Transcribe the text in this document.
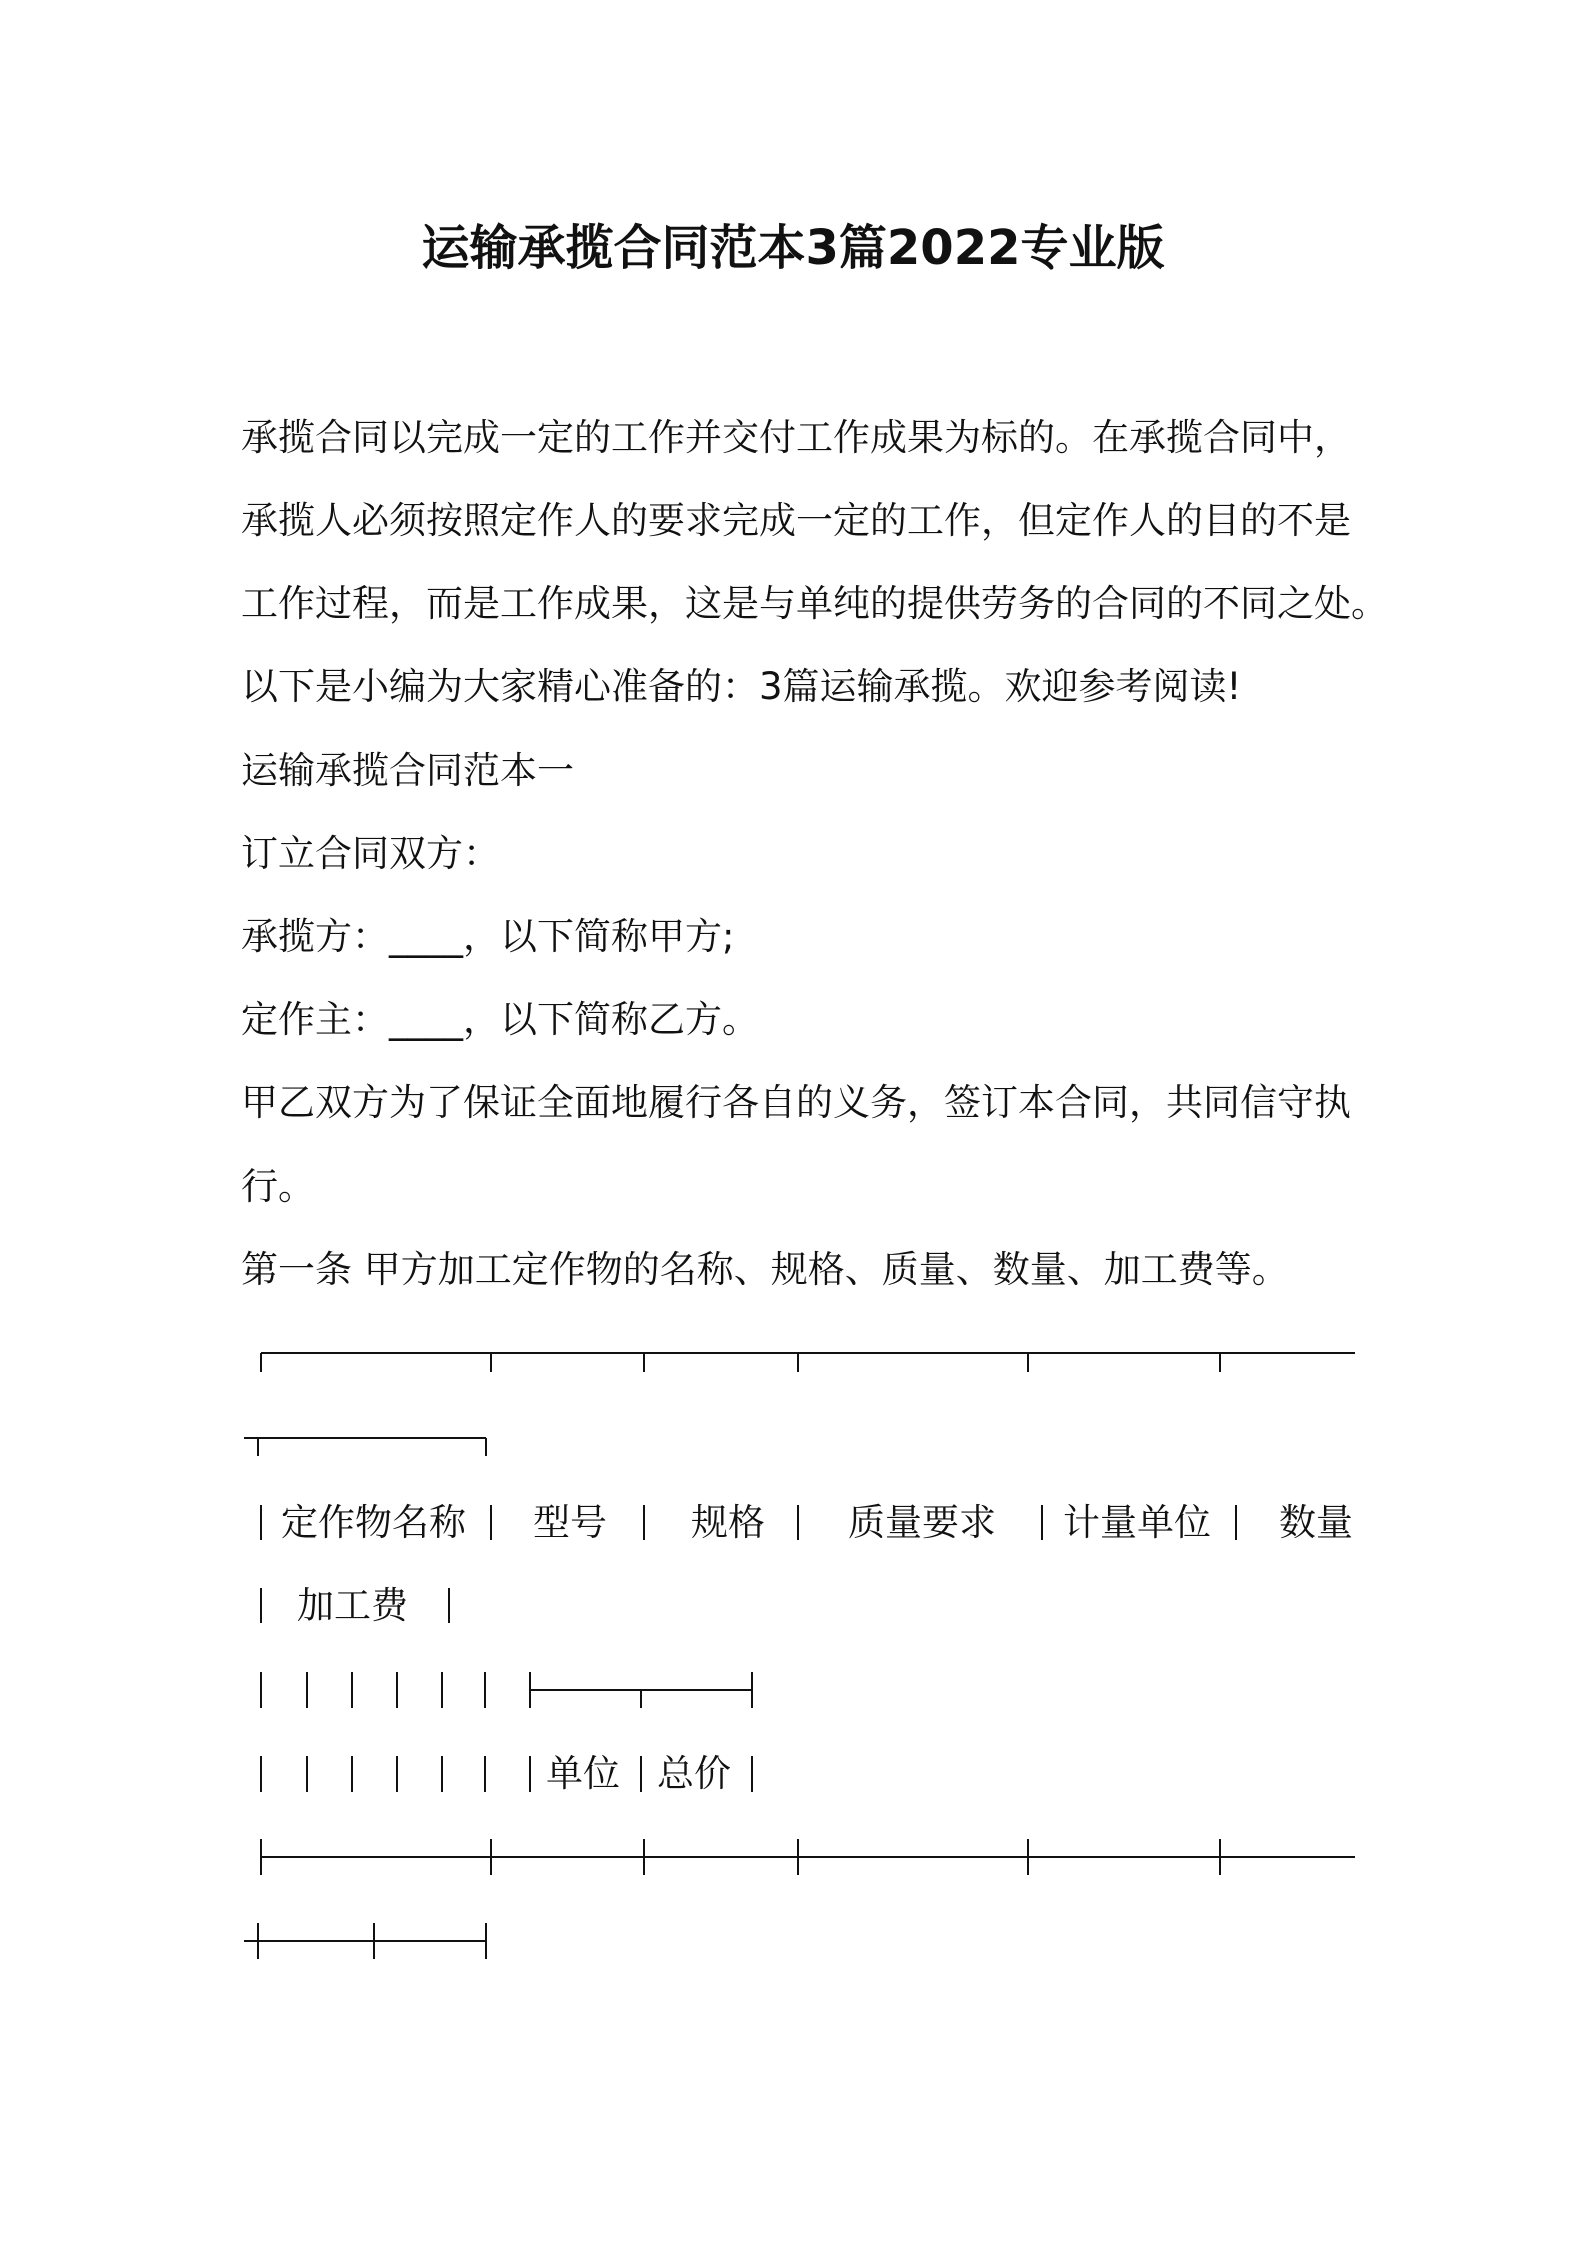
运输承揽合同范本3篇2022专业版
承揽合同以完成一定的工作并交付工作成果为标的。在承揽合同中，
承揽人必须按照定作人的要求完成一定的工作，但定作人的目的不是
工作过程，而是工作成果，这是与单纯的提供劳务的合同的不同之处。
以下是小编为大家精心准备的：3篇运输承揽。欢迎参考阅读!
运输承揽合同范本一
订立合同双方：
承揽方：____，以下简称甲方;
定作主：____，以下简称乙方。
甲乙双方为了保证全面地履行各自的义务，签订本合同，共同信守执
行。
第一条 甲方加工定作物的名称、规格、质量、数量、加工费等。
定作物名称 型号 规格 质量要求 计量单位 数量
加工费
单位 总价
